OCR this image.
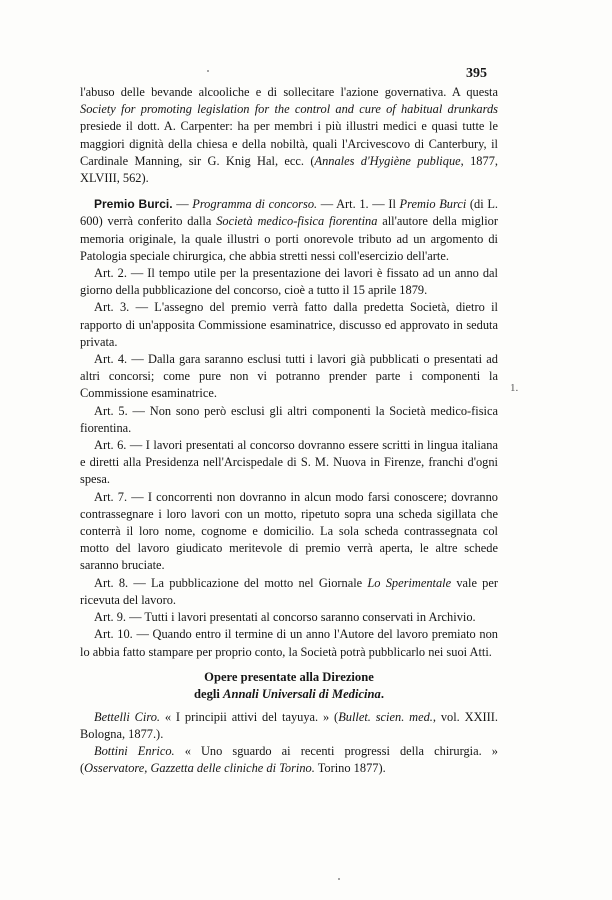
395
1.

l'abuso delle bevande alcooliche e di sollecitare l'azione governativa. A questa Society for promoting legislation for the control and cure of habitual drunkards presiede il dott. A. Carpenter: ha per membri i più illustri medici e quasi tutte le maggiori dignità della chiesa e della nobiltà, quali l'Arcivescovo di Canterbury, il Cardinale Manning, sir G. Knig Hal, ecc. (Annales d'Hygiène publique, 1877, XLVIII, 562).

Premio Burci. — Programma di concorso. — Art. 1. — Il Premio Burci (di L. 600) verrà conferito dalla Società medico-fisica fiorentina all'autore della miglior memoria originale, la quale illustri o porti onorevole tributo ad un argomento di Patologia speciale chirurgica, che abbia stretti nessi coll'esercizio dell'arte.

Art. 2. — Il tempo utile per la presentazione dei lavori è fissato ad un anno dal giorno della pubblicazione del concorso, cioè a tutto il 15 aprile 1879.

Art. 3. — L'assegno del premio verrà fatto dalla predetta Società, dietro il rapporto di un'apposita Commissione esaminatrice, discusso ed approvato in seduta privata.

Art. 4. — Dalla gara saranno esclusi tutti i lavori già pubblicati o presentati ad altri concorsi; come pure non vi potranno prender parte i componenti la Commissione esaminatrice.

Art. 5. — Non sono però esclusi gli altri componenti la Società medico-fisica fiorentina.

Art. 6. — I lavori presentati al concorso dovranno essere scritti in lingua italiana e diretti alla Presidenza nell'Arcispedale di S. M. Nuova in Firenze, franchi d'ogni spesa.

Art. 7. — I concorrenti non dovranno in alcun modo farsi conoscere; dovranno contrassegnare i loro lavori con un motto, ripetuto sopra una scheda sigillata che conterrà il loro nome, cognome e domicilio. La sola scheda contrassegnata col motto del lavoro giudicato meritevole di premio verrà aperta, le altre schede saranno bruciate.

Art. 8. — La pubblicazione del motto nel Giornale Lo Sperimentale vale per ricevuta del lavoro.

Art. 9. — Tutti i lavori presentati al concorso saranno conservati in Archivio.

Art. 10. — Quando entro il termine di un anno l'Autore del lavoro premiato non lo abbia fatto stampare per proprio conto, la Società potrà pubblicarlo nei suoi Atti.

Opere presentate alla Direzione
degli Annali Universali di Medicina.

Bettelli Ciro. « I principii attivi del tayuya. » (Bullet. scien. med., vol. XXIII. Bologna, 1877.).

Bottini Enrico. « Uno sguardo ai recenti progressi della chirurgia. » (Osservatore, Gazzetta delle cliniche di Torino. Torino 1877).
